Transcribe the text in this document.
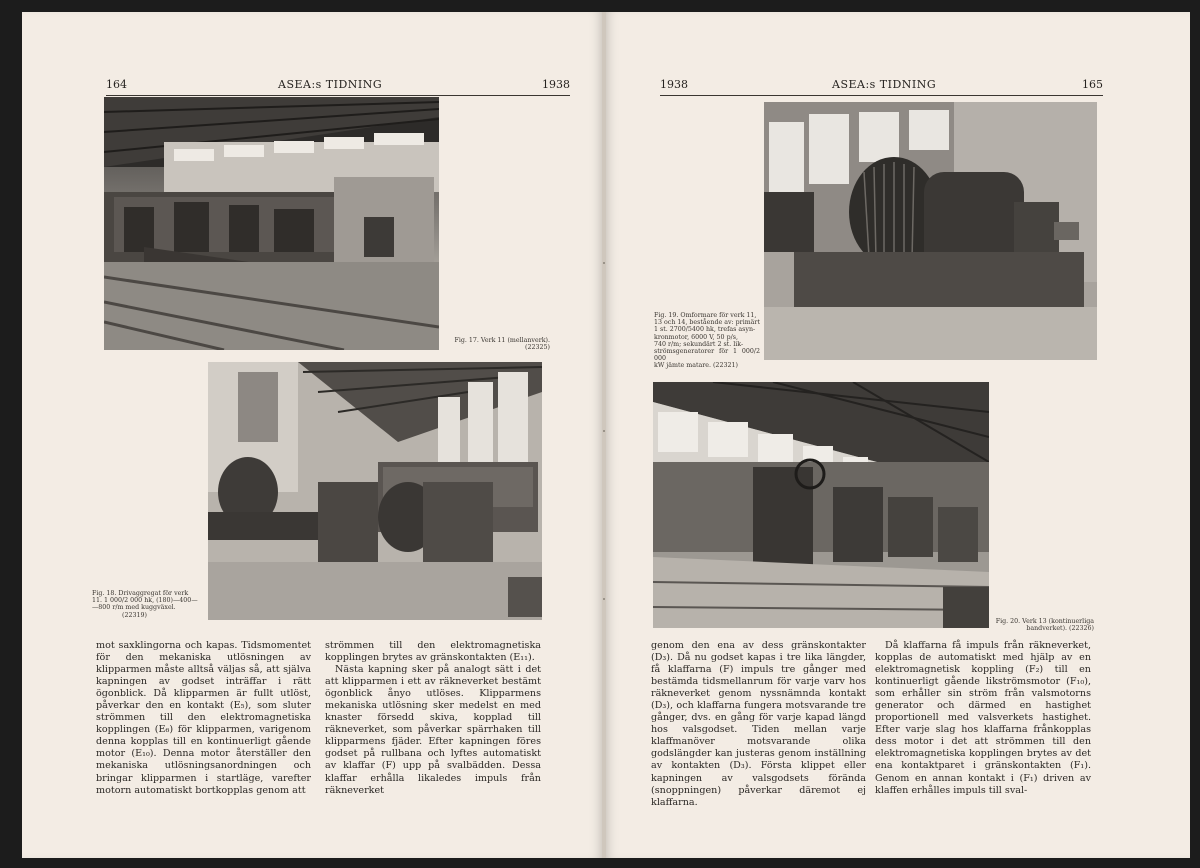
164	ASEA:s TIDNING	1938
Fig. 17. Verk 11 (mellanverk).
(22325)
Fig. 18. Drivaggregat för verk
11. 1 000/2 000 hk, (180)—400—
—800 r/m med kuggväxel.
(22319)

mot saxklingorna och kapas. Tidsmomentet för den mekaniska utlösningen av klipparmen måste alltså väljas så, att själva kapningen av godset inträffar i rätt ögonblick. Då klipparmen är fullt utlöst, påverkar den en kontakt (E₅), som sluter strömmen till den elektromagnetiska kopplingen (E₆) för klipparmen, varigenom denna kopplas till en kontinuerligt gående motor (E₁₀). Denna motor återställer den mekaniska utlösningsanordningen och bringar klipparmen i startläge, varefter motorn automatiskt bortkopplas genom att

strömmen till den elektromagnetiska kopplingen brytes av gränskontakten (E₁₁).

Nästa kapning sker på analogt sätt i det att klipparmen i ett av räkneverket bestämt ögonblick ånyo utlöses. Klipparmens mekaniska utlösning sker medelst en med knaster försedd skiva, kopplad till räkneverket, som påverkar spärrhaken till klipparmens fjäder. Efter kapningen föres godset på rullbana och lyftes automatiskt av klaffar (F) upp på svalbädden. Dessa klaffar erhålla likaledes impuls från räkneverket

1938	ASEA:s TIDNING	165
Fig. 19. Omformare för verk 11,
13 och 14, bestående av: primärt
1 st. 2700/5400 hk, trefas asyn-
kronmotor, 6000 V, 50 p/s,
740 r/m; sekundärt 2 st. lik-
strömsgeneratorer för 1 000/2 000
kW jämte matare. (22321)
Fig. 20. Verk 13 (kontinuerliga
bandverket). (22326)

genom den ena av dess gränskontakter (D₃). Då nu godset kapas i tre lika längder, få klaffarna (F) impuls tre gånger med bestämda tidsmellanrum för varje varv hos räkneverket genom nyssnämnda kontakt (D₃), och klaffarna fungera motsvarande tre gånger, dvs. en gång för varje kapad längd hos valsgodset. Tiden mellan varje klaffmanöver motsvarande olika godslängder kan justeras genom inställning av kontakten (D₃). Första klippet eller kapningen av valsgodsets förända (snoppningen) påverkar däremot ej klaffarna.

Då klaffarna få impuls från räkneverket, kopplas de automatiskt med hjälp av en elektromagnetisk koppling (F₂) till en kontinuerligt gående likströmsmotor (F₁₀), som erhåller sin ström från valsmotorns generator och därmed en hastighet proportionell med valsverkets hastighet. Efter varje slag hos klaffarna frånkopplas dess motor i det att strömmen till den elektromagnetiska kopplingen brytes av det ena kontaktparet i gränskontakten (F₁). Genom en annan kontakt i (F₁) driven av klaffen erhålles impuls till sval-
